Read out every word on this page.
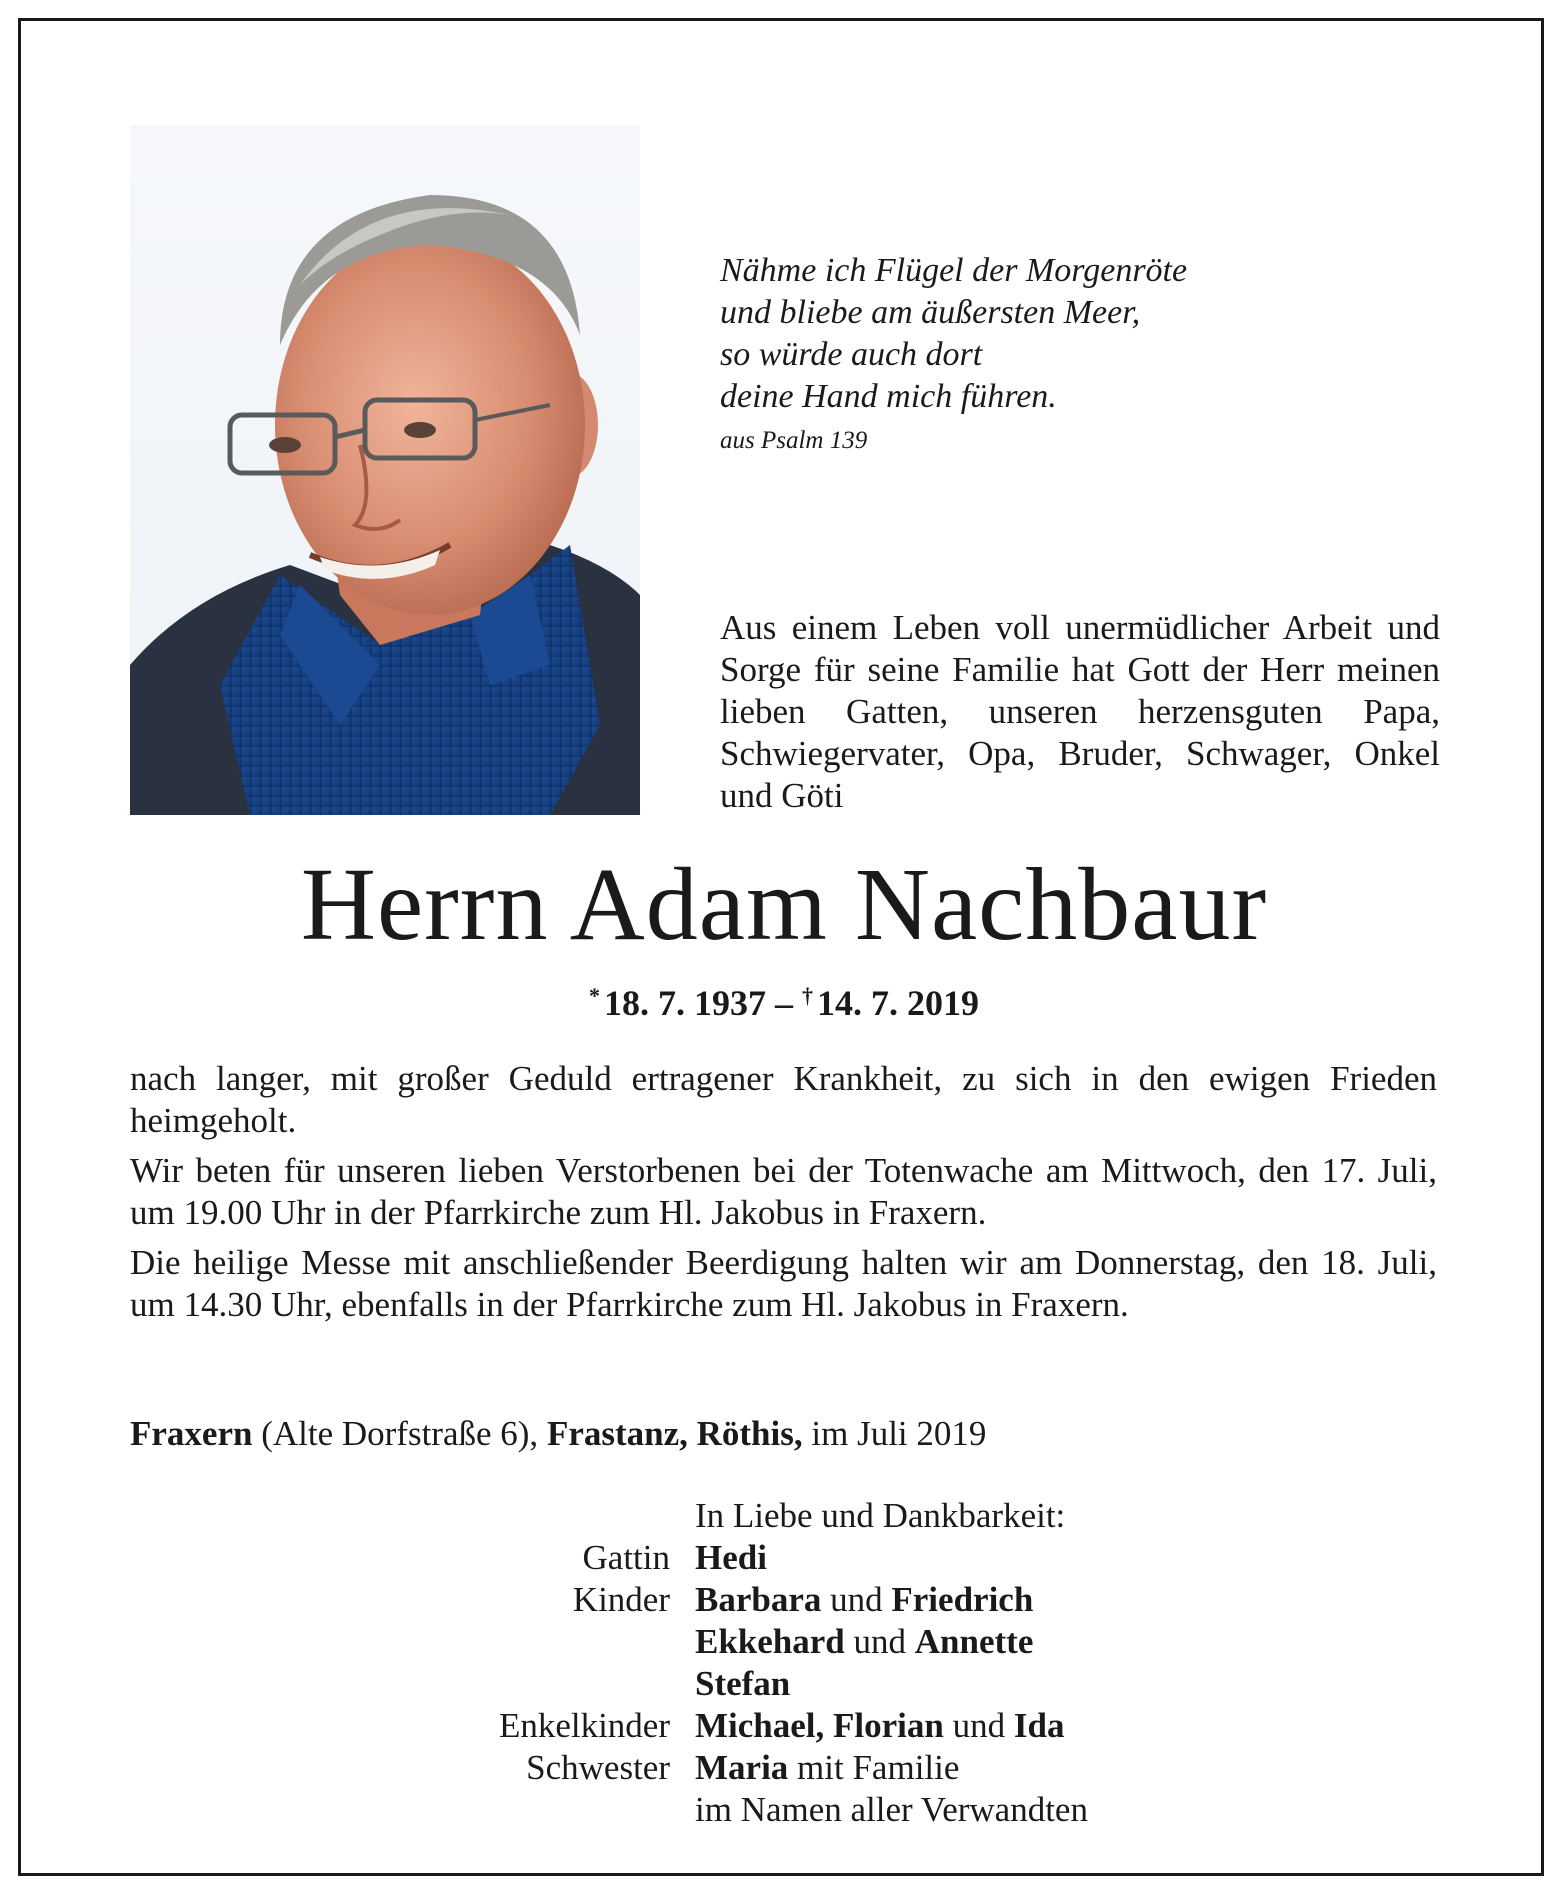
Nähme ich Flügel der Morgenröte
und bliebe am äußersten Meer,
so würde auch dort
deine Hand mich führen.
aus Psalm 139
Aus einem Leben voll unermüdlicher Arbeit und Sorge für seine Familie hat Gott der Herr meinen lieben Gatten, unseren herzensguten Papa, Schwiegervater, Opa, Bruder, Schwager, Onkel und Göti
Herrn Adam Nachbaur
* 18. 7. 1937 – † 14. 7. 2019

nach langer, mit großer Geduld ertragener Krankheit, zu sich in den ewigen Frieden heimgeholt.

Wir beten für unseren lieben Verstorbenen bei der Totenwache am Mittwoch, den 17. Juli, um 19.00 Uhr in der Pfarrkirche zum Hl. Jakobus in Fraxern.

Die heilige Messe mit anschließender Beerdigung halten wir am Donnerstag, den 18. Juli, um 14.30 Uhr, ebenfalls in der Pfarrkirche zum Hl. Jakobus in Fraxern.

Fraxern (Alte Dorfstraße 6), Frastanz, Röthis, im Juli 2019
In Liebe und Dankbarkeit:
Gattin Hedi
Kinder Barbara und Friedrich
Ekkehard und Annette
Stefan
Enkelkinder Michael, Florian und Ida
Schwester Maria mit Familie
im Namen aller Verwandten
